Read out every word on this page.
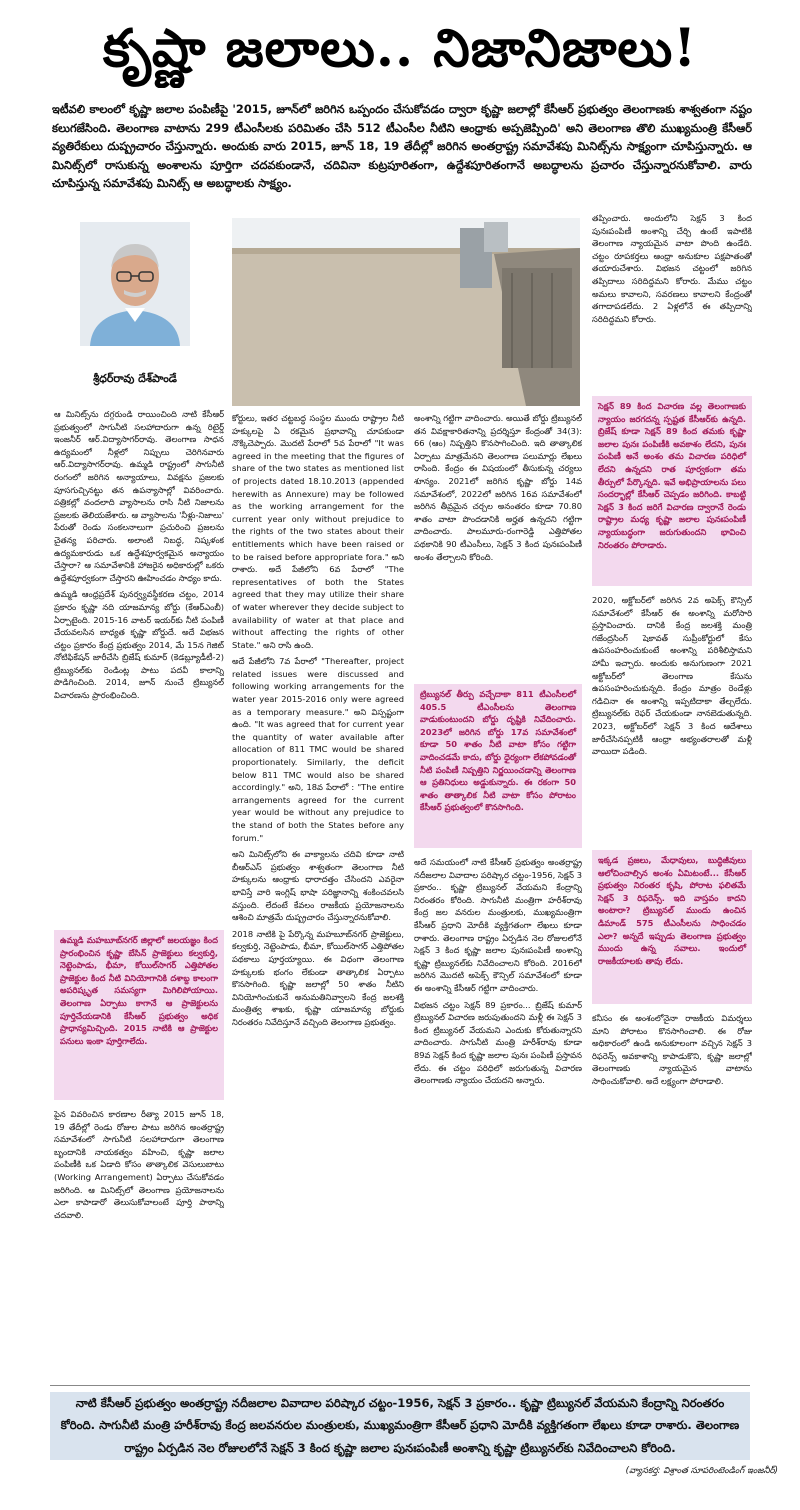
కృష్ణా జలాలు.. నిజానిజాలు!
ఇటీవలి కాలంలో కృష్ణా జలాల పంపిణీపై '2015, జూన్‌లో జరిగిన ఒప్పందం చేసుకోవడం ద్వారా కృష్ణా జలాల్లో కేసీఆర్ ప్రభుత్వం తెలంగాణకు శాశ్వతంగా నష్టం కలుగజేసింది. తెలంగాణ వాటాను 299 టీఎంసీలకు పరిమితం చేసి 512 టీఎంసీల నీటిని ఆంధ్రాకు అప్పజెప్పింది' అని తెలంగాణ తొలి ముఖ్యమంత్రి కేసీఆర్ వ్యతిరేకులు దుష్ప్రచారం చేస్తున్నారు. అందుకు వారు 2015, జూన్ 18, 19 తేదీల్లో జరిగిన అంతర్రాష్ట్ర సమావేశపు మినిట్స్‌ను సాక్ష్యంగా చూపిస్తున్నారు. ఆ మినిట్స్‌లో రాసుకున్న అంశాలను పూర్తిగా చదవకుండానే, చదివినా కుట్రపూరితంగా, ఉద్దేశపూరితంగానే అబద్ధాలను ప్రచారం చేస్తున్నారనుకోవాలి. వారు చూపిస్తున్న సమావేశపు మినిట్స్ ఆ అబద్ధాలకు సాక్ష్యం.
శ్రీధర్‌రావు దేశ్‌పాండే

ఆ మినిట్స్‌ను దగ్గరుండి రాయించింది నాటి కేసీఆర్ ప్రభుత్వంలో సాగునీటి సలహాదారుగా ఉన్న రిటైర్డ్ ఇంజనీర్ ఆర్.విద్యాసాగర్‌రావు. తెలంగాణ సాధన ఉద్యమంలో నీళ్లలో నిప్పులు చెరిగినవారు ఆర్.విద్యాసాగర్‌రావు. ఉమ్మడి రాష్ట్రంలో సాగునీటి రంగంలో జరిగిన అన్యాయాలు, వివక్షను ప్రజలకు పూసగుచ్చినట్టు తన ఉపన్యాసాల్లో వివరించారు. పత్రికల్లో వందలాది వ్యాసాలను రాసి నీటి నిజాలను ప్రజలకు తెలియజేశారు. ఆ వ్యాసాలను 'నీళ్లు-నిజాలు' పేరుతో రెండు సంకలనాలుగా ప్రచురించి ప్రజలను చైతన్య పరిచారు. అలాంటి నిబద్ధ, నిష్కళంక ఉద్యమకారుడు ఒక ఉద్దేశపూర్వకమైన అన్యాయం చేస్తారా? ఆ సమావేశానికి హాజరైన అధికారుల్లో ఒకరు ఉద్దేశపూర్వకంగా చేస్తారని ఊహించడం సాధ్యం కాదు.

ఉమ్మడి ఆంధ్రప్రదేశ్ పునర్వ్యవస్థీకరణ చట్టం, 2014 ప్రకారం కృష్ణా నది యాజమాన్య బోర్డు (కేఆర్ఎంబీ) ఏర్పాటైంది. 2015-16 వాటర్ ఇయర్‌కు నీటి పంపిణీ చేయవలసిన బాధ్యత కృష్ణా బోర్డుదే. అదే విభజన చట్టం ప్రకారం కేంద్ర ప్రభుత్వం 2014, మే 15న గెజిట్ నోటిఫికేషన్ జారీచేసి బ్రిజేష్ కుమార్ (కెడబ్ల్యూడీటీ-2) ట్రిబ్యునల్‌కు రెండింట్ల పాటు పదవీ కాలాన్ని పొడిగించింది. 2014, జూన్ నుంచే ట్రిబ్యునల్ విచారణను ప్రారంభించింది.

ఉమ్మడి మహబూబ్‌నగర్ జిల్లాలో జలయజ్ఞం కింద ప్రారంభించిన కృష్ణా బేసిన్ ప్రాజెక్టులు కల్వకుర్తి, నెట్టెంపాడు, భీమా, కోయిల్‌సాగర్ ఎత్తిపోతల ప్రాజెక్టుల కింద నీటి వినియోగానికి దశాబ్ద కాలంగా అపరిష్కృత సమస్యగా మిగిలిపోయాయి. తెలంగాణ ఏర్పాటు కాగానే ఆ ప్రాజెక్టులను పూర్తిచేయడానికి కేసీఆర్ ప్రభుత్వం అధిక ప్రాధాన్యమిచ్చింది. 2015 నాటికి ఆ ప్రాజెక్టుల పనులు ఇంకా పూర్తిగాలేదు.

పైన వివరించిన కారణాల రీత్యా 2015 జూన్ 18, 19 తేదీల్లో రెండు రోజుల పాటు జరిగిన అంతర్రాష్ట్ర సమావేశంలో సాగునీటి సలహాదారుగా తెలంగాణ బృందానికి నాయకత్వం వహించి, కృష్ణా జలాల పంపిణీకి ఒక ఏడాది కోసం తాత్కాలిక వెసులుబాటు (Working Arrangement) ఏర్పాటు చేసుకోవడం జరిగింది. ఆ మినిట్స్‌లో తెలంగాణ ప్రయోజనాలను ఎలా కాపాడారో తెలుసుకోవాలంటే పూర్తి పాఠాన్ని చదవాలి.

కోర్టులు, ఇతర చట్టబద్ధ సంస్థల ముందు రాష్ట్రాల నీటి హక్కులపై ఏ రకమైన ప్రభావాన్ని చూపకుండా నొక్కిచెప్పారు. మొదటి పేరాలో 5వ పేరాలో "It was agreed in the meeting that the figures of share of the two states as mentioned list of projects dated 18.10.2013 (appended herewith as Annexure) may be followed as the working arrangement for the current year only without prejudice to the rights of the two states about their entitlements which have been raised or to be raised before appropriate fora." అని రాశారు. అదే పేజీలోని 6వ పేరాలో "The representatives of both the States agreed that they may utilize their share of water wherever they decide subject to availability of water at that place and without affecting the rights of other State." అని రాసి ఉంది.

అదే పేజీలోని 7వ పేరాలో "Thereafter, project related issues were discussed and following working arrangements for the water year 2015-2016 only were agreed as a temporary measure." అని విస్పష్టంగా ఉంది. "It was agreed that for current year the quantity of water available after allocation of 811 TMC would be shared proportionately. Similarly, the deficit below 811 TMC would also be shared accordingly." అని, 18వ పేరాలో : "The entire arrangements agreed for the current year would be without any prejudice to the stand of both the States before any forum."

అని మినిట్స్‌లోని ఈ వాక్యాలను చదివి కూడా నాటి బీఆర్ఎస్ ప్రభుత్వం శాశ్వతంగా తెలంగాణ నీటి హక్కులను ఆంధ్రాకు ధారాదత్తం చేసిందని ఎవరైనా భావిస్తే వారి ఇంగ్లిష్ భాషా పరిజ్ఞానాన్ని శంకించవలసి వస్తుంది. లేదంటే కేవలం రాజకీయ ప్రయోజనాలను ఆశించి మాత్రమే దుష్ప్రచారం చేస్తున్నారనుకోవాలి.

2018 నాటికి పై పేర్కొన్న మహబూబ్‌నగర్ ప్రాజెక్టులు, కల్వకుర్తి, నెట్టెంపాడు, భీమా, కోయిల్‌సాగర్ ఎత్తిపోతల పథకాలు పూర్తయ్యాయి. ఈ విధంగా తెలంగాణ హక్కులకు భంగం లేకుండా తాత్కాలిక ఏర్పాటు కొనసాగింది. కృష్ణా జలాల్లో 50 శాతం నీటిని వినియోగించుకునే అనుమతినివ్వాలని కేంద్ర జలశక్తి మంత్రిత్వ శాఖకు, కృష్ణా యాజమాన్య బోర్డుకు నిరంతరం నివేదిస్తూనే వచ్చింది తెలంగాణ ప్రభుత్వం.

అంశాన్ని గట్టిగా వాదించారు. అయితే బోర్డు ట్రిబ్యునల్ తన వివక్షాకారితనాన్ని ప్రదర్శిస్తూ కేంద్రంతో 34(3): 66 (ఆం) నిష్పత్తిని కొనసాగించింది. ఇది తాత్కాలిక ఏర్పాటు మాత్రమేనని తెలంగాణ పలుమార్లు లేఖలు రాసింది. కేంద్రం ఈ విషయంలో తీసుకున్న చర్యలు శూన్యం. 2021లో జరిగిన కృష్ణా బోర్డు 14వ సమావేశంలో, 2022లో జరిగిన 16వ సమావేశంలో జరిగిన తీవ్రమైన చర్చల అనంతరం కూడా 70.80 శాతం వాటా పొందడానికి అర్హత ఉన్నదని గట్టిగా వాదించారు. పాలమూరు-రంగారెడ్డి ఎత్తిపోతల పథకానికి 90 టీఎంసీలు, సెక్షన్ 3 కింద పునఃపంపిణీ అంశం తేల్చాలని కోరింది.

ట్రిబ్యునల్ తీర్పు వచ్చేదాకా 811 టీఎంసీలలో 405.5 టీఎంసీలను తెలంగాణ వాడుకుంటుందని బోర్డు దృష్టికి నివేదించారు. 2023లో జరిగిన బోర్డు 17వ సమావేశంలో కూడా 50 శాతం నీటి వాటా కోసం గట్టిగా వాదించడమే కాదు, బోర్డు ధైర్యంగా లేకపోవడంతో నీటి పంపిణీ నిష్పత్తిని నిర్ణయించడాన్ని తెలంగాణ ఆ ప్రతినిధులు అడ్డుకున్నారు. ఈ రకంగా 50 శాతం తాత్కాలిక నీటి వాటా కోసం పోరాటం కేసీఆర్ ప్రభుత్వంలో కొనసాగింది.

అదే సమయంలో నాటి కేసీఆర్ ప్రభుత్వం అంతర్రాష్ట్ర నదీజలాల వివాదాల పరిష్కార చట్టం-1956, సెక్షన్ 3 ప్రకారం.. కృష్ణా ట్రిబ్యునల్ వేయమని కేంద్రాన్ని నిరంతరం కోరింది. సాగునీటి మంత్రిగా హరీశ్‌రావు కేంద్ర జల వనరుల మంత్రులకు, ముఖ్యమంత్రిగా కేసీఆర్ ప్రధాని మోదీకి వ్యక్తిగతంగా లేఖలు కూడా రాశారు. తెలంగాణ రాష్ట్రం ఏర్పడిన నెల రోజులలోనే సెక్షన్ 3 కింద కృష్ణా జలాల పునఃపంపిణీ అంశాన్ని కృష్ణా ట్రిబ్యునల్‌కు నివేదించాలని కోరింది. 2016లో జరిగిన మొదటి అపెక్స్ కౌన్సిల్ సమావేశంలో కూడా ఈ అంశాన్ని కేసీఆర్ గట్టిగా వాదించారు.

విభజన చట్టం సెక్షన్ 89 ప్రకారం... బ్రిజేష్ కుమార్ ట్రిబ్యునల్ విచారణ జరుపుతుందని మళ్లీ ఈ సెక్షన్ 3 కింద ట్రిబ్యునల్ వేయమని ఎందుకు కోరుతున్నారని వాదించారు. సాగునీటి మంత్రి హరీశ్‌రావు కూడా 89వ సెక్షన్ కింద కృష్ణా జలాల పునః పంపిణీ ప్రస్తావన లేదు. ఈ చట్టం పరిధిలో జరుగుతున్న విచారణ తెలంగాణకు న్యాయం చేయదని అన్నారు.

తప్పించారు. అందులోని సెక్షన్ 3 కింద పునఃపంపిణీ అంశాన్ని చేర్చి ఉంటే ఇపాటికి తెలంగాణ న్యాయమైన వాటా పొంది ఉండేది. చట్టం రూపకర్తలు ఆంధ్రా అనుకూల పక్షపాతంతో తయారుచేశారు. విభజన చట్టంలో జరిగిన తప్పిదాలు సరిదిద్దమని కోరారు. మేము చట్టం అమలు కావాలని, సవరణలు కావాలని కేంద్రంతో తగాదాపడలేదు. 2 ఏళ్లలోనే ఈ తప్పిదాన్ని సరిదిద్దమని కోరారు.

సెక్షన్ 89 కింద విచారణ వల్ల తెలంగాణకు న్యాయం జరగదన్న స్పష్టత కేసీఆర్‌కు ఉన్నది. బ్రిజేష్ కూడా సెక్షన్ 89 కింద తమకు కృష్ణా జలాల పునః పంపిణీకి అవకాశం లేదని, పునః పంపిణీ అనే అంశం తమ విచారణ పరిధిలో లేదని ఉన్నదని రాత పూర్వకంగా తమ తీర్పులో పేర్కొన్నది. ఇవే అభిప్రాయాలను పలు సందర్భాల్లో కేసీఆర్ చెప్పడం జరిగింది. కాబట్టి సెక్షన్ 3 కింద జరిగే విచారణ ద్వారానే రెండు రాష్ట్రాల మధ్య కృష్ణా జలాల పునఃపంపిణీ న్యాయబద్ధంగా జరుగుతుందని భావించి నిరంతరం పోరాడారు.

2020, అక్టోబర్‌లో జరిగిన 2వ అపెక్స్ కౌన్సిల్ సమావేశంలో కేసీఆర్ ఈ అంశాన్ని మరోసారి ప్రస్తావించారు. దానికి కేంద్ర జలశక్తి మంత్రి గజేంద్రసింగ్ షెకావత్ సుప్రీంకోర్టులో కేసు ఉపసంహరించుకుంటే అంశాన్ని పరిశీలిస్తామని హామీ ఇచ్చారు. అందుకు అనుగుణంగా 2021 అక్టోబర్‌లో తెలంగాణ కేసును ఉపసంహరించుకున్నది. కేంద్రం మాత్రం రెండేళ్లు గడిచినా ఈ అంశాన్ని ఇప్పటిదాకా తేల్చలేదు. ట్రిబ్యునల్‌కు రెఫర్ చేయకుండా నానబెడుతున్నది. 2023, అక్టోబర్‌లో సెక్షన్ 3 కింద ఆదేశాలు జారీచేసినప్పటికీ ఆంధ్రా అభ్యంతరాలతో మళ్లీ వాయిదా పడింది.

ఇక్కడ ప్రజలు, మేధావులు, బుద్ధిజీవులు ఆలోచించాల్సిన అంశం ఏమిటంటే... కేసీఆర్ ప్రభుత్వం నిరంతర కృషి, పోరాట ఫలితమే సెక్షన్ 3 రిఫరెన్స్. ఇది వాస్తవం కాదని అంటారా? ట్రిబ్యునల్ ముందు ఉంచిన డిమాండ్ 575 టీఎంసీలను సాధించడం ఎలా? అన్నదే ఇప్పుడు తెలంగాణ ప్రభుత్వం ముందు ఉన్న సవాలు. ఇందులో రాజకీయాలకు తావు లేదు.

కనీసం ఈ అంశంలోనైనా రాజకీయ విమర్శలు మాని పోరాటం కొనసాగించాలి. ఈ రోజు అధికారంలో ఉండి అనుకూలంగా వచ్చిన సెక్షన్ 3 రిఫరెన్స్ అవకాశాన్ని కాపాడుకొని, కృష్ణా జలాల్లో తెలంగాణకు న్యాయమైన వాటాను సాధించుకోవాలి. అదే లక్ష్యంగా పోరాడాలి.

నాటి కేసీఆర్ ప్రభుత్వం అంతర్రాష్ట్ర నదీజలాల వివాదాల పరిష్కార చట్టం-1956, సెక్షన్ 3 ప్రకారం.. కృష్ణా ట్రిబ్యునల్ వేయమని కేంద్రాన్ని నిరంతరం కోరింది. సాగునీటి మంత్రి హరీశ్‌రావు కేంద్ర జలవనరుల మంత్రులకు, ముఖ్యమంత్రిగా కేసీఆర్ ప్రధాని మోదీకి వ్యక్తిగతంగా లేఖలు కూడా రాశారు. తెలంగాణ రాష్ట్రం ఏర్పడిన నెల రోజులలోనే సెక్షన్ 3 కింద కృష్ణా జలాల పునఃపంపిణీ అంశాన్ని కృష్ణా ట్రిబ్యునల్‌కు నివేదించాలని కోరింది.
(వ్యాసకర్త: విశ్రాంత సూపరింటెండింగ్ ఇంజనీర్)
